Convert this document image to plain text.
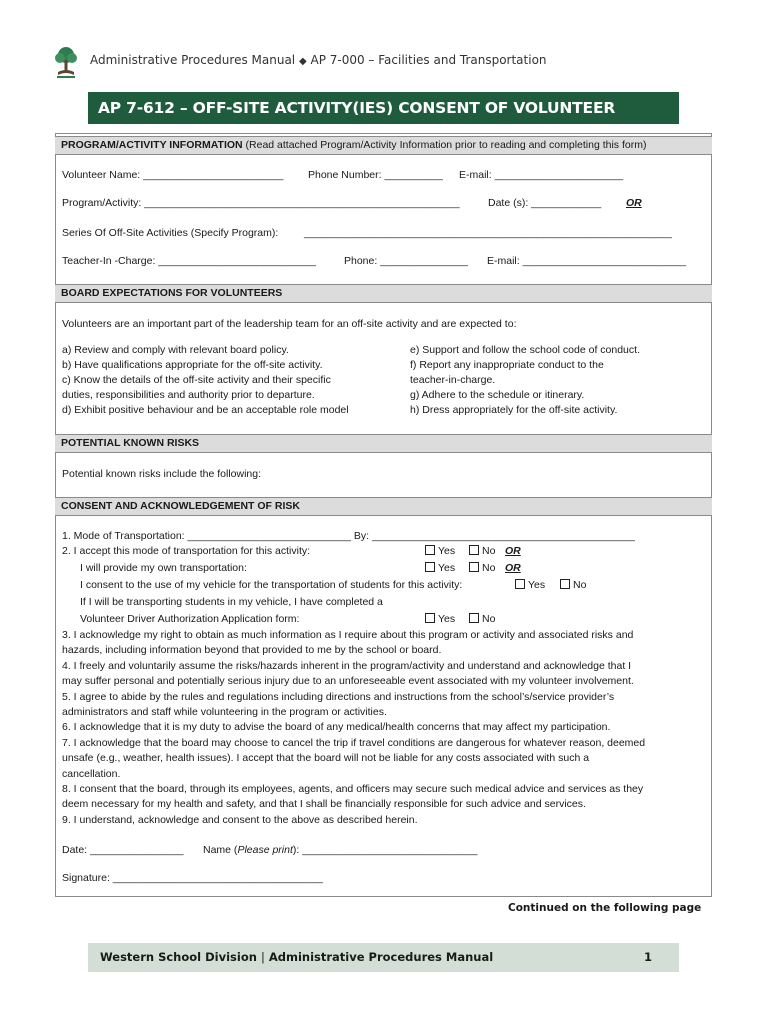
Administrative Procedures Manual ◆ AP 7-000 – Facilities and Transportation
AP 7-612 – OFF-SITE ACTIVITY(IES) CONSENT OF VOLUNTEER
PROGRAM/ACTIVITY INFORMATION (Read attached Program/Activity Information prior to reading and completing this form)
Volunteer Name: ________________________ Phone Number: __________ E-mail: ______________________
Program/Activity: ______________________________________________________	Date (s): ____________ OR
Series Of Off-Site Activities (Specify Program): _______________________________________________________________
Teacher-In -Charge: ___________________________	Phone: _______________ E-mail: ____________________________
BOARD EXPECTATIONS FOR VOLUNTEERS
Volunteers are an important part of the leadership team for an off-site activity and are expected to:
a) Review and comply with relevant board policy.
b) Have qualifications appropriate for the off-site activity.
c) Know the details of the off-site activity and their specific
duties, responsibilities and authority prior to departure.
d) Exhibit positive behaviour and be an acceptable role model
e) Support and follow the school code of conduct.
f) Report any inappropriate conduct to the
teacher-in-charge.
g) Adhere to the schedule or itinerary.
h) Dress appropriately for the off-site activity.
POTENTIAL KNOWN RISKS
Potential known risks include the following:
CONSENT AND ACKNOWLEDGEMENT OF RISK
1. Mode of Transportation: ____________________________ By: _____________________________________________
2. I accept this mode of transportation for this activity:	Yes	No OR
I will provide my own transportation:	Yes	No OR
I consent to the use of my vehicle for the transportation of students for this activity:	Yes	No
If I will be transporting students in my vehicle, I have completed a
Volunteer Driver Authorization Application form:	Yes	No
3. I acknowledge my right to obtain as much information as I require about this program or activity and associated risks and
hazards, including information beyond that provided to me by the school or board.
4. I freely and voluntarily assume the risks/hazards inherent in the program/activity and understand and acknowledge that I
may suffer personal and potentially serious injury due to an unforeseeable event associated with my volunteer involvement.
5. I agree to abide by the rules and regulations including directions and instructions from the school’s/service provider’s
administrators and staff while volunteering in the program or activities.
6. I acknowledge that it is my duty to advise the board of any medical/health concerns that may affect my participation.
7. I acknowledge that the board may choose to cancel the trip if travel conditions are dangerous for whatever reason, deemed
unsafe (e.g., weather, health issues). I accept that the board will not be liable for any costs associated with such a
cancellation.
8. I consent that the board, through its employees, agents, and officers may secure such medical advice and services as they
deem necessary for my health and safety, and that I shall be financially responsible for such advice and services.
9. I understand, acknowledge and consent to the above as described herein.
Date: ________________ Name (Please print): ______________________________
Signature: ____________________________________
Continued on the following page
Western School Division | Administrative Procedures Manual	1
